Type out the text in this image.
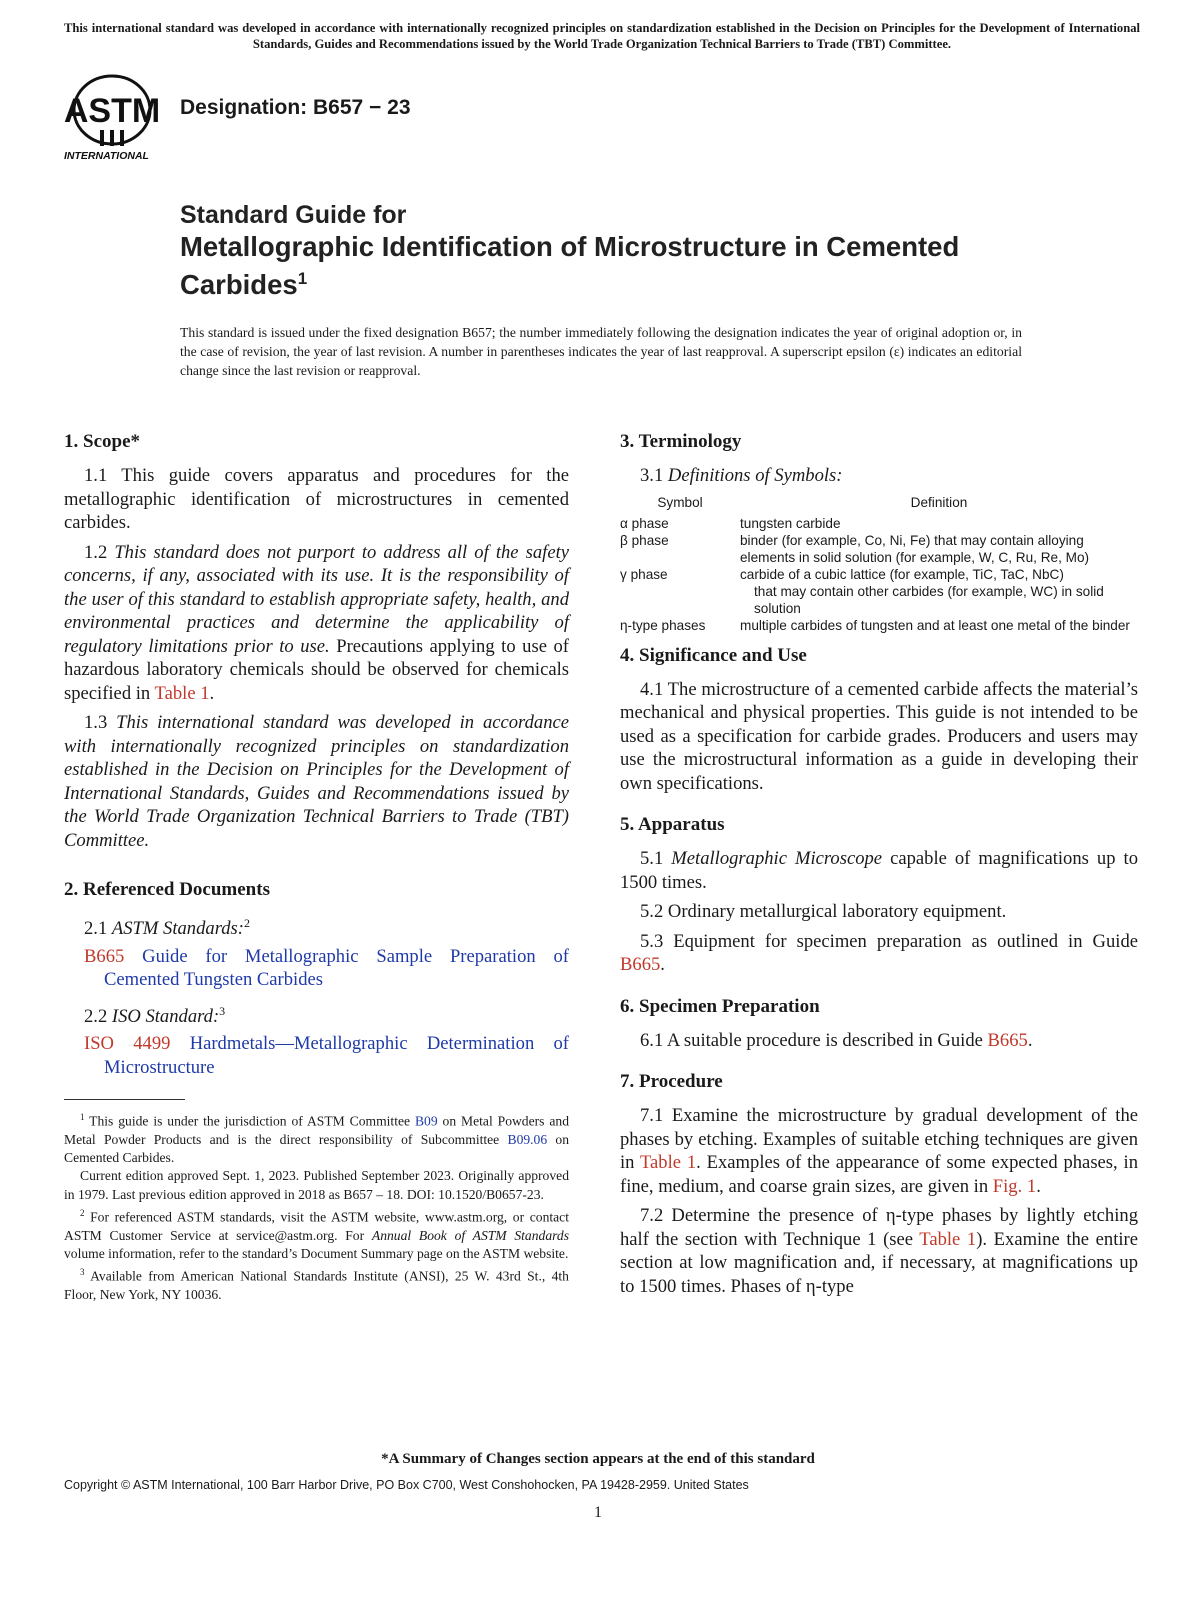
This international standard was developed in accordance with internationally recognized principles on standardization established in the Decision on Principles for the Development of International Standards, Guides and Recommendations issued by the World Trade Organization Technical Barriers to Trade (TBT) Committee.
ASTM
INTERNATIONAL
Designation: B657 − 23
Standard Guide for
Metallographic Identification of Microstructure in Cemented
Carbides$^1$
This standard is issued under the fixed designation B657; the number immediately following the designation indicates the year of original adoption or, in the case of revision, the year of last revision. A number in parentheses indicates the year of last reapproval. A superscript epsilon (ε) indicates an editorial change since the last revision or reapproval.
1. Scope*

1.1 This guide covers apparatus and procedures for the metallographic identification of microstructures in cemented carbides.

1.2 This standard does not purport to address all of the safety concerns, if any, associated with its use. It is the responsibility of the user of this standard to establish appropriate safety, health, and environmental practices and determine the applicability of regulatory limitations prior to use. Precautions applying to use of hazardous laboratory chemicals should be observed for chemicals specified in Table 1.

1.3 This international standard was developed in accordance with internationally recognized principles on standardization established in the Decision on Principles for the Development of International Standards, Guides and Recommendations issued by the World Trade Organization Technical Barriers to Trade (TBT) Committee.

2. Referenced Documents
2.1 ASTM Standards:$^2$
B665 Guide for Metallographic Sample Preparation of Cemented Tungsten Carbides
2.2 ISO Standard:$^3$
ISO 4499 Hardmetals—Metallographic Determination of Microstructure

$^1$ This guide is under the jurisdiction of ASTM Committee B09 on Metal Powders and Metal Powder Products and is the direct responsibility of Subcommittee B09.06 on Cemented Carbides.

Current edition approved Sept. 1, 2023. Published September 2023. Originally approved in 1979. Last previous edition approved in 2018 as B657 – 18. DOI: 10.1520/B0657-23.

$^2$ For referenced ASTM standards, visit the ASTM website, www.astm.org, or contact ASTM Customer Service at service@astm.org. For Annual Book of ASTM Standards volume information, refer to the standard’s Document Summary page on the ASTM website.

$^3$ Available from American National Standards Institute (ANSI), 25 W. 43rd St., 4th Floor, New York, NY 10036.

3. Terminology
3.1 Definitions of Symbols:
Symbol	Definition
α phase	tungsten carbide
β phase	binder (for example, Co, Ni, Fe) that may contain alloying elements in solid solution (for example, W, C, Ru, Re, Mo)
γ phase	carbide of a cubic lattice (for example, TiC, TaC, NbC)
that may contain other carbides (for example, WC) in solid solution

η-type phases	multiple carbides of tungsten and at least one metal of the binder
4. Significance and Use

4.1 The microstructure of a cemented carbide affects the material’s mechanical and physical properties. This guide is not intended to be used as a specification for carbide grades. Producers and users may use the microstructural information as a guide in developing their own specifications.

5. Apparatus

5.1 Metallographic Microscope capable of magnifications up to 1500 times.

5.2 Ordinary metallurgical laboratory equipment.

5.3 Equipment for specimen preparation as outlined in Guide B665.

6. Specimen Preparation

6.1 A suitable procedure is described in Guide B665.

7. Procedure

7.1 Examine the microstructure by gradual development of the phases by etching. Examples of suitable etching techniques are given in Table 1. Examples of the appearance of some expected phases, in fine, medium, and coarse grain sizes, are given in Fig. 1.

7.2 Determine the presence of η-type phases by lightly etching half the section with Technique 1 (see Table 1). Examine the entire section at low magnification and, if necessary, at magnifications up to 1500 times. Phases of η-type

*A Summary of Changes section appears at the end of this standard
Copyright © ASTM International, 100 Barr Harbor Drive, PO Box C700, West Conshohocken, PA 19428-2959. United States
1
